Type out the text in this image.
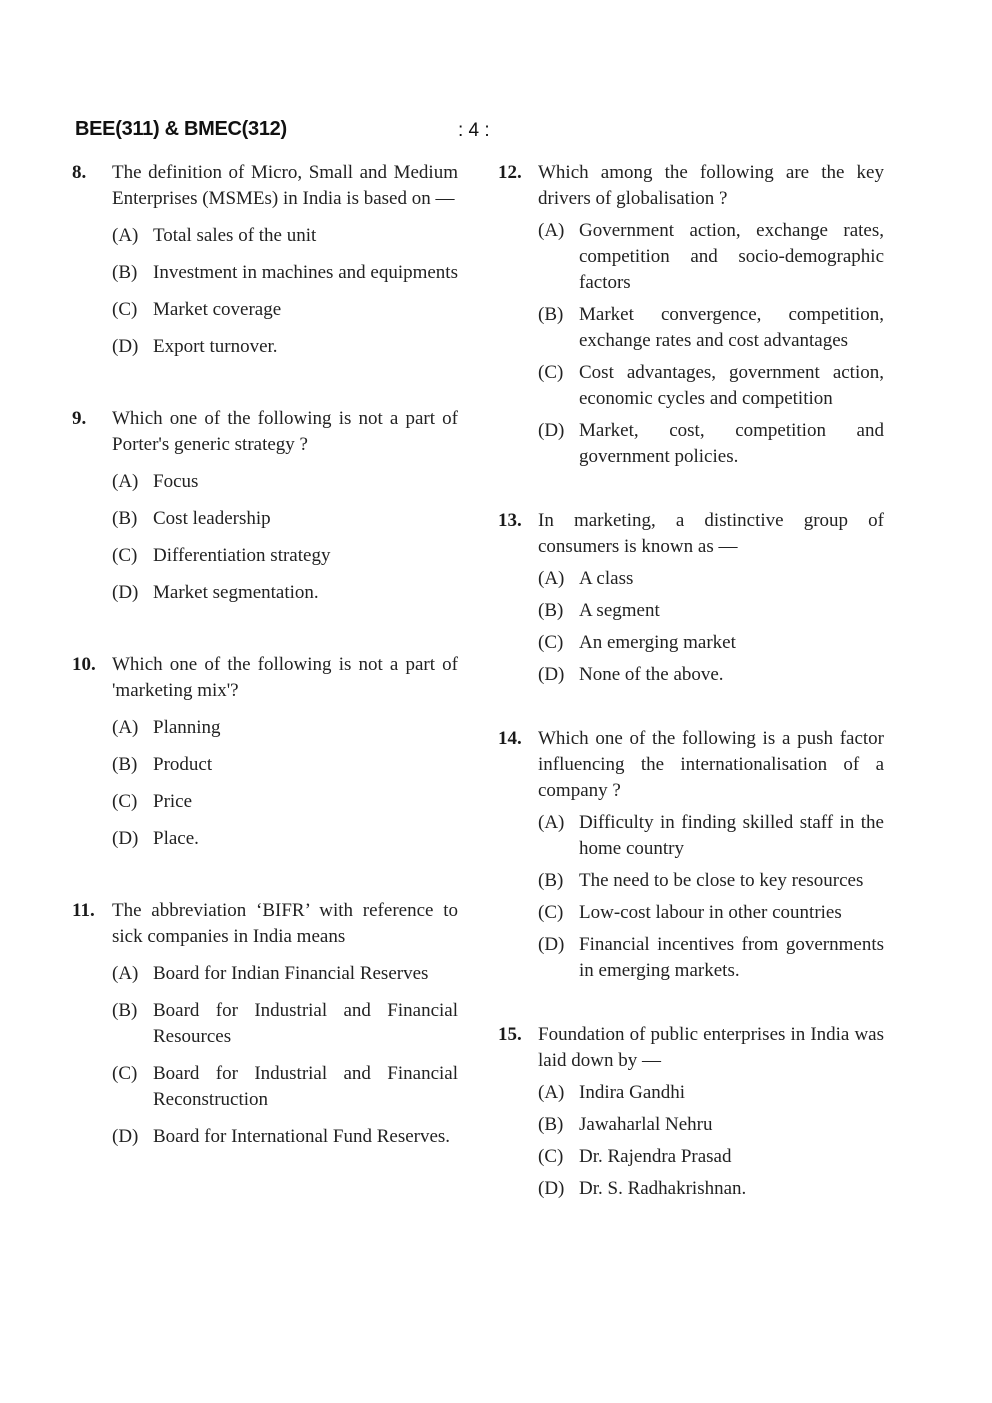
BEE(311) & BMEC(312)	: 4 :
8. The definition of Micro, Small and Medium Enterprises (MSMEs) in India is based on —
(A) Total sales of the unit
(B) Investment in machines and equipments
(C) Market coverage
(D) Export turnover.
9. Which one of the following is not a part of Porter's generic strategy ?
(A) Focus
(B) Cost leadership
(C) Differentiation strategy
(D) Market segmentation.
10. Which one of the following is not a part of 'marketing mix'?
(A) Planning
(B) Product
(C) Price
(D) Place.
11. The abbreviation ‘BIFR’ with reference to sick companies in India means
(A) Board for Indian Financial Reserves
(B) Board for Industrial and Financial Resources
(C) Board for Industrial and Financial Reconstruction
(D) Board for International Fund Reserves.
12. Which among the following are the key drivers of globalisation ?
(A) Government action, exchange rates, competition and socio-demographic factors
(B) Market convergence, competition, exchange rates and cost advantages
(C) Cost advantages, government action, economic cycles and competition
(D) Market, cost, competition and government policies.
13. In marketing, a distinctive group of consumers is known as —
(A) A class
(B) A segment
(C) An emerging market
(D) None of the above.
14. Which one of the following is a push factor influencing the internationalisation of a company ?
(A) Difficulty in finding skilled staff in the home country
(B) The need to be close to key resources
(C) Low-cost labour in other countries
(D) Financial incentives from governments in emerging markets.
15. Foundation of public enterprises in India was laid down by —
(A) Indira Gandhi
(B) Jawaharlal Nehru
(C) Dr. Rajendra Prasad
(D) Dr. S. Radhakrishnan.
